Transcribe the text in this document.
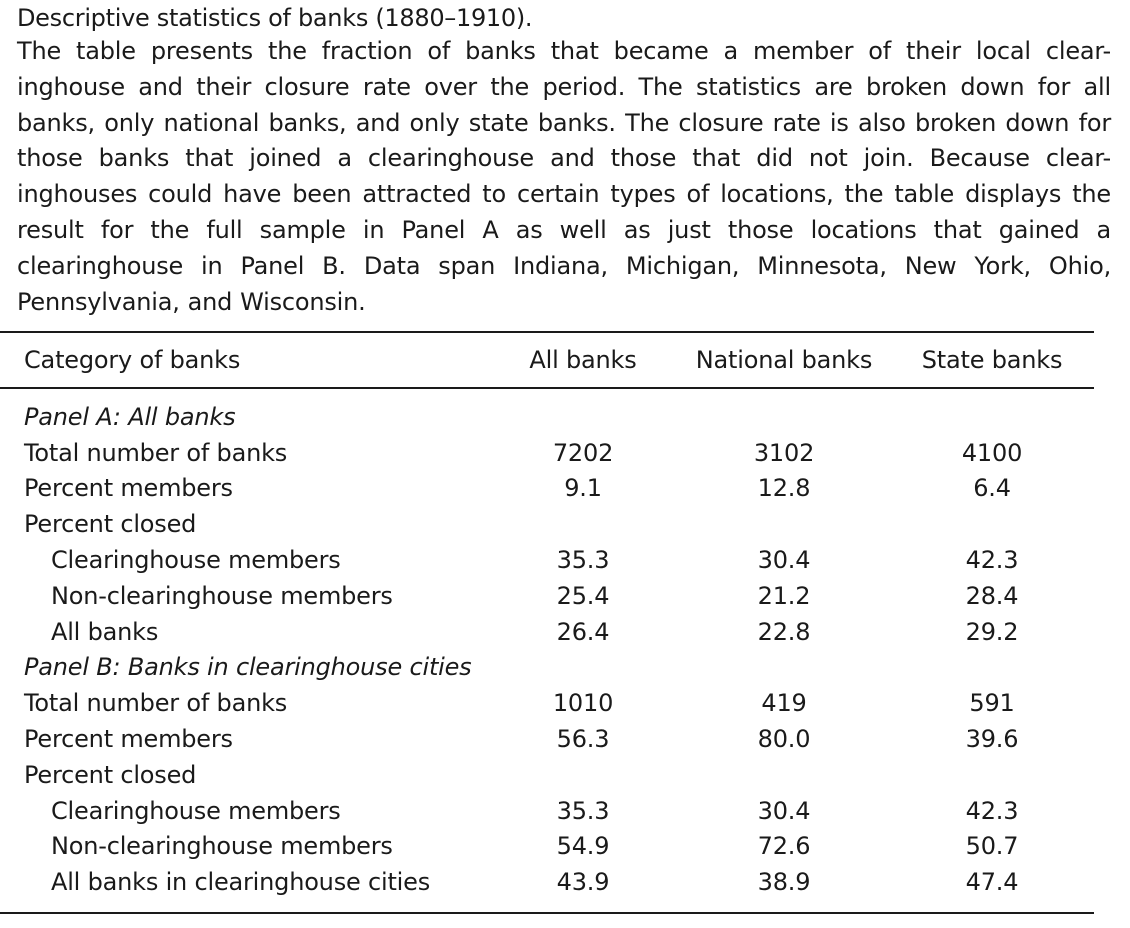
Descriptive statistics of banks (1880–1910).

The table presents the fraction of banks that became a member of their local clear-inghouse and their closure rate over the period. The statistics are broken down for all banks, only national banks, and only state banks. The closure rate is also broken down for those banks that joined a clearinghouse and those that did not join. Because clear-inghouses could have been attracted to certain types of locations, the table displays the result for the full sample in Panel A as well as just those locations that gained a clearinghouse in Panel B. Data span Indiana, Michigan, Minnesota, New York, Ohio, Pennsylvania, and Wisconsin.

Category of banks	All banks	National banks	State banks
Panel A: All banks			
Total number of banks	7202	3102	4100
Percent members	9.1	12.8	6.4
Percent closed			
Clearinghouse members	35.3	30.4	42.3
Non-clearinghouse members	25.4	21.2	28.4
All banks	26.4	22.8	29.2
Panel B: Banks in clearinghouse cities			
Total number of banks	1010	419	591
Percent members	56.3	80.0	39.6
Percent closed			
Clearinghouse members	35.3	30.4	42.3
Non-clearinghouse members	54.9	72.6	50.7
All banks in clearinghouse cities	43.9	38.9	47.4
